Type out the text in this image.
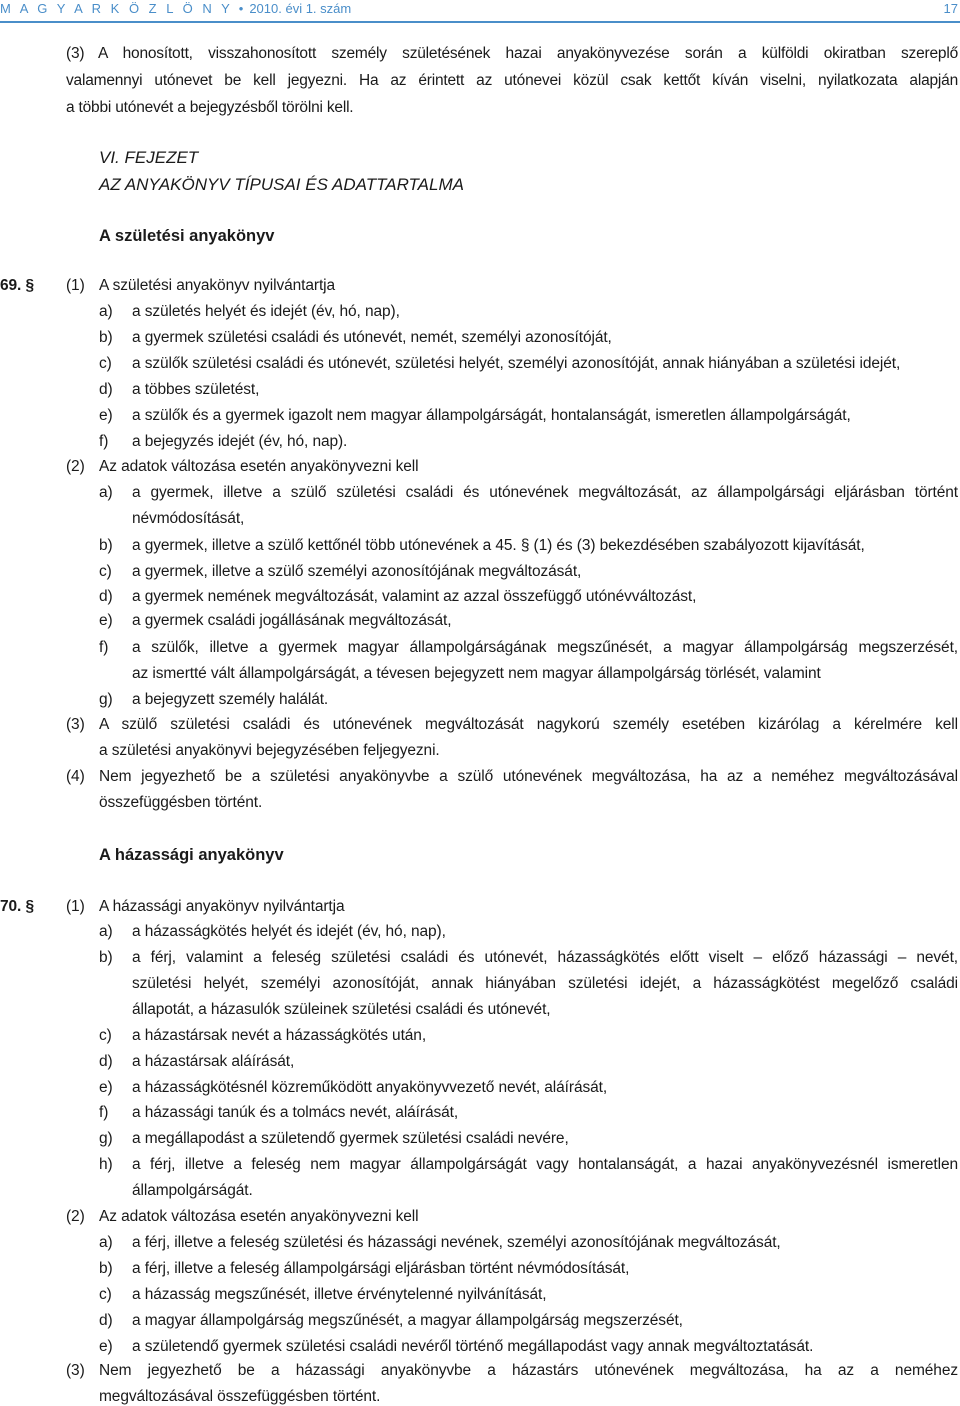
M A G Y A R K Ö Z L Ö N Y • 2010. évi 1. szám	17
(3) A honosított, visszahonosított személy születésének hazai anyakönyvezése során a külföldi okiratban szereplő
valamennyi utónevet be kell jegyezni. Ha az érintett az utónevei közül csak kettőt kíván viselni, nyilatkozata alapján
a többi utónevét a bejegyzésből törölni kell.
VI. FEJEZET
AZ ANYAKÖNYV TÍPUSAI ÉS ADATTARTALMA
A születési anyakönyv
69. § (1) A születési anyakönyv nyilvántartja
a) a születés helyét és idejét (év, hó, nap),
b) a gyermek születési családi és utónevét, nemét, személyi azonosítóját,
c) a szülők születési családi és utónevét, születési helyét, személyi azonosítóját, annak hiányában a születési idejét,
d) a többes születést,
e) a szülők és a gyermek igazolt nem magyar állampolgárságát, hontalanságát, ismeretlen állampolgárságát,
f) a bejegyzés idejét (év, hó, nap).
(2) Az adatok változása esetén anyakönyvezni kell
a) a gyermek, illetve a szülő születési családi és utónevének megváltozását, az állampolgársági eljárásban történt
névmódosítását,
b) a gyermek, illetve a szülő kettőnél több utónevének a 45. § (1) és (3) bekezdésében szabályozott kijavítását,
c) a gyermek, illetve a szülő személyi azonosítójának megváltozását,
d) a gyermek nemének megváltozását, valamint az azzal összefüggő utónévváltozást,
e) a gyermek családi jogállásának megváltozását,
f) a szülők, illetve a gyermek magyar állampolgárságának megszűnését, a magyar állampolgárság megszerzését,
az ismertté vált állampolgárságát, a tévesen bejegyzett nem magyar állampolgárság törlését, valamint
g) a bejegyzett személy halálát.
(3) A szülő születési családi és utónevének megváltozását nagykorú személy esetében kizárólag a kérelmére kell
a születési anyakönyvi bejegyzésében feljegyezni.
(4) Nem jegyezhető be a születési anyakönyvbe a szülő utónevének megváltozása, ha az a neméhez megváltozásával
összefüggésben történt.
A házassági anyakönyv
70. § (1) A házassági anyakönyv nyilvántartja
a) a házasságkötés helyét és idejét (év, hó, nap),
b) a férj, valamint a feleség születési családi és utónevét, házasságkötés előtt viselt – előző házassági – nevét,
születési helyét, személyi azonosítóját, annak hiányában születési idejét, a házasságkötést megelőző családi
állapotát, a házasulók szüleinek születési családi és utónevét,
c) a házastársak nevét a házasságkötés után,
d) a házastársak aláírását,
e) a házasságkötésnél közreműködött anyakönyvvezető nevét, aláírását,
f) a házassági tanúk és a tolmács nevét, aláírását,
g) a megállapodást a születendő gyermek születési családi nevére,
h) a férj, illetve a feleség nem magyar állampolgárságát vagy hontalanságát, a hazai anyakönyvezésnél ismeretlen
állampolgárságát.
(2) Az adatok változása esetén anyakönyvezni kell
a) a férj, illetve a feleség születési és házassági nevének, személyi azonosítójának megváltozását,
b) a férj, illetve a feleség állampolgársági eljárásban történt névmódosítását,
c) a házasság megszűnését, illetve érvénytelenné nyilvánítását,
d) a magyar állampolgárság megszűnését, a magyar állampolgárság megszerzését,
e) a születendő gyermek születési családi nevéről történő megállapodást vagy annak megváltoztatását.
(3) Nem jegyezhető be a házassági anyakönyvbe a házastárs utónevének megváltozása, ha az a neméhez
megváltozásával összefüggésben történt.
